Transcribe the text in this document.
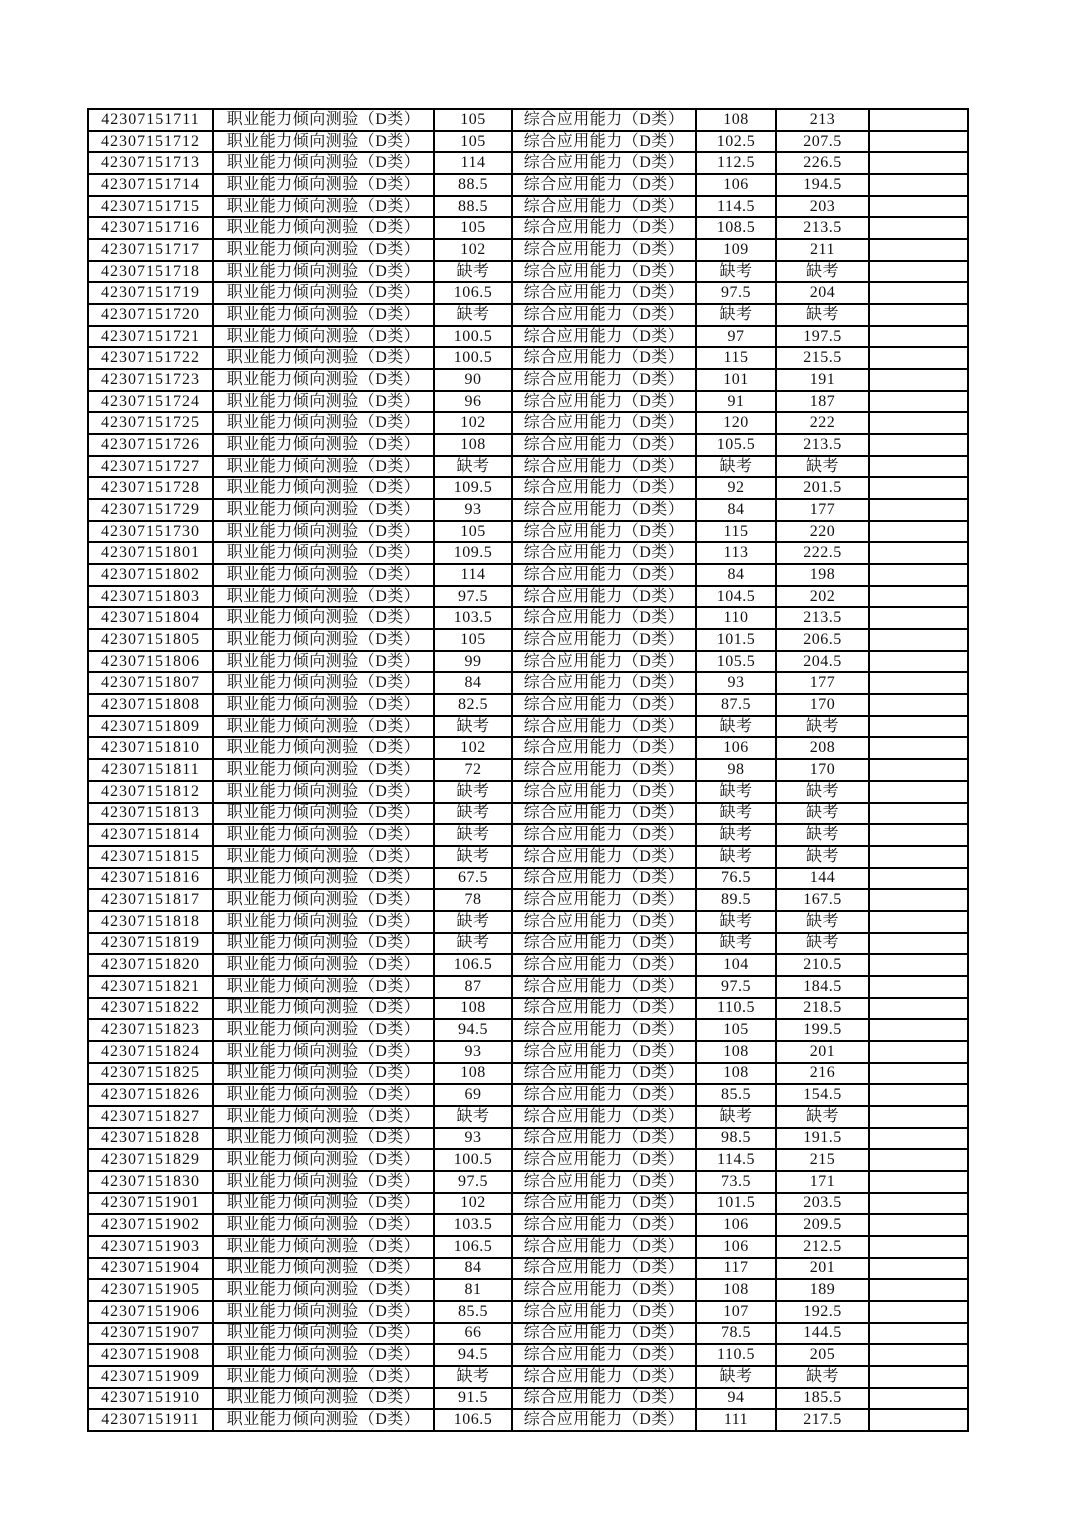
42307151711	职业能力倾向测验（D类）	105	综合应用能力（D类）	108	213	
42307151712	职业能力倾向测验（D类）	105	综合应用能力（D类）	102.5	207.5	
42307151713	职业能力倾向测验（D类）	114	综合应用能力（D类）	112.5	226.5	
42307151714	职业能力倾向测验（D类）	88.5	综合应用能力（D类）	106	194.5	
42307151715	职业能力倾向测验（D类）	88.5	综合应用能力（D类）	114.5	203	
42307151716	职业能力倾向测验（D类）	105	综合应用能力（D类）	108.5	213.5	
42307151717	职业能力倾向测验（D类）	102	综合应用能力（D类）	109	211	
42307151718	职业能力倾向测验（D类）	缺考	综合应用能力（D类）	缺考	缺考	
42307151719	职业能力倾向测验（D类）	106.5	综合应用能力（D类）	97.5	204	
42307151720	职业能力倾向测验（D类）	缺考	综合应用能力（D类）	缺考	缺考	
42307151721	职业能力倾向测验（D类）	100.5	综合应用能力（D类）	97	197.5	
42307151722	职业能力倾向测验（D类）	100.5	综合应用能力（D类）	115	215.5	
42307151723	职业能力倾向测验（D类）	90	综合应用能力（D类）	101	191	
42307151724	职业能力倾向测验（D类）	96	综合应用能力（D类）	91	187	
42307151725	职业能力倾向测验（D类）	102	综合应用能力（D类）	120	222	
42307151726	职业能力倾向测验（D类）	108	综合应用能力（D类）	105.5	213.5	
42307151727	职业能力倾向测验（D类）	缺考	综合应用能力（D类）	缺考	缺考	
42307151728	职业能力倾向测验（D类）	109.5	综合应用能力（D类）	92	201.5	
42307151729	职业能力倾向测验（D类）	93	综合应用能力（D类）	84	177	
42307151730	职业能力倾向测验（D类）	105	综合应用能力（D类）	115	220	
42307151801	职业能力倾向测验（D类）	109.5	综合应用能力（D类）	113	222.5	
42307151802	职业能力倾向测验（D类）	114	综合应用能力（D类）	84	198	
42307151803	职业能力倾向测验（D类）	97.5	综合应用能力（D类）	104.5	202	
42307151804	职业能力倾向测验（D类）	103.5	综合应用能力（D类）	110	213.5	
42307151805	职业能力倾向测验（D类）	105	综合应用能力（D类）	101.5	206.5	
42307151806	职业能力倾向测验（D类）	99	综合应用能力（D类）	105.5	204.5	
42307151807	职业能力倾向测验（D类）	84	综合应用能力（D类）	93	177	
42307151808	职业能力倾向测验（D类）	82.5	综合应用能力（D类）	87.5	170	
42307151809	职业能力倾向测验（D类）	缺考	综合应用能力（D类）	缺考	缺考	
42307151810	职业能力倾向测验（D类）	102	综合应用能力（D类）	106	208	
42307151811	职业能力倾向测验（D类）	72	综合应用能力（D类）	98	170	
42307151812	职业能力倾向测验（D类）	缺考	综合应用能力（D类）	缺考	缺考	
42307151813	职业能力倾向测验（D类）	缺考	综合应用能力（D类）	缺考	缺考	
42307151814	职业能力倾向测验（D类）	缺考	综合应用能力（D类）	缺考	缺考	
42307151815	职业能力倾向测验（D类）	缺考	综合应用能力（D类）	缺考	缺考	
42307151816	职业能力倾向测验（D类）	67.5	综合应用能力（D类）	76.5	144	
42307151817	职业能力倾向测验（D类）	78	综合应用能力（D类）	89.5	167.5	
42307151818	职业能力倾向测验（D类）	缺考	综合应用能力（D类）	缺考	缺考	
42307151819	职业能力倾向测验（D类）	缺考	综合应用能力（D类）	缺考	缺考	
42307151820	职业能力倾向测验（D类）	106.5	综合应用能力（D类）	104	210.5	
42307151821	职业能力倾向测验（D类）	87	综合应用能力（D类）	97.5	184.5	
42307151822	职业能力倾向测验（D类）	108	综合应用能力（D类）	110.5	218.5	
42307151823	职业能力倾向测验（D类）	94.5	综合应用能力（D类）	105	199.5	
42307151824	职业能力倾向测验（D类）	93	综合应用能力（D类）	108	201	
42307151825	职业能力倾向测验（D类）	108	综合应用能力（D类）	108	216	
42307151826	职业能力倾向测验（D类）	69	综合应用能力（D类）	85.5	154.5	
42307151827	职业能力倾向测验（D类）	缺考	综合应用能力（D类）	缺考	缺考	
42307151828	职业能力倾向测验（D类）	93	综合应用能力（D类）	98.5	191.5	
42307151829	职业能力倾向测验（D类）	100.5	综合应用能力（D类）	114.5	215	
42307151830	职业能力倾向测验（D类）	97.5	综合应用能力（D类）	73.5	171	
42307151901	职业能力倾向测验（D类）	102	综合应用能力（D类）	101.5	203.5	
42307151902	职业能力倾向测验（D类）	103.5	综合应用能力（D类）	106	209.5	
42307151903	职业能力倾向测验（D类）	106.5	综合应用能力（D类）	106	212.5	
42307151904	职业能力倾向测验（D类）	84	综合应用能力（D类）	117	201	
42307151905	职业能力倾向测验（D类）	81	综合应用能力（D类）	108	189	
42307151906	职业能力倾向测验（D类）	85.5	综合应用能力（D类）	107	192.5	
42307151907	职业能力倾向测验（D类）	66	综合应用能力（D类）	78.5	144.5	
42307151908	职业能力倾向测验（D类）	94.5	综合应用能力（D类）	110.5	205	
42307151909	职业能力倾向测验（D类）	缺考	综合应用能力（D类）	缺考	缺考	
42307151910	职业能力倾向测验（D类）	91.5	综合应用能力（D类）	94	185.5	
42307151911	职业能力倾向测验（D类）	106.5	综合应用能力（D类）	111	217.5	
